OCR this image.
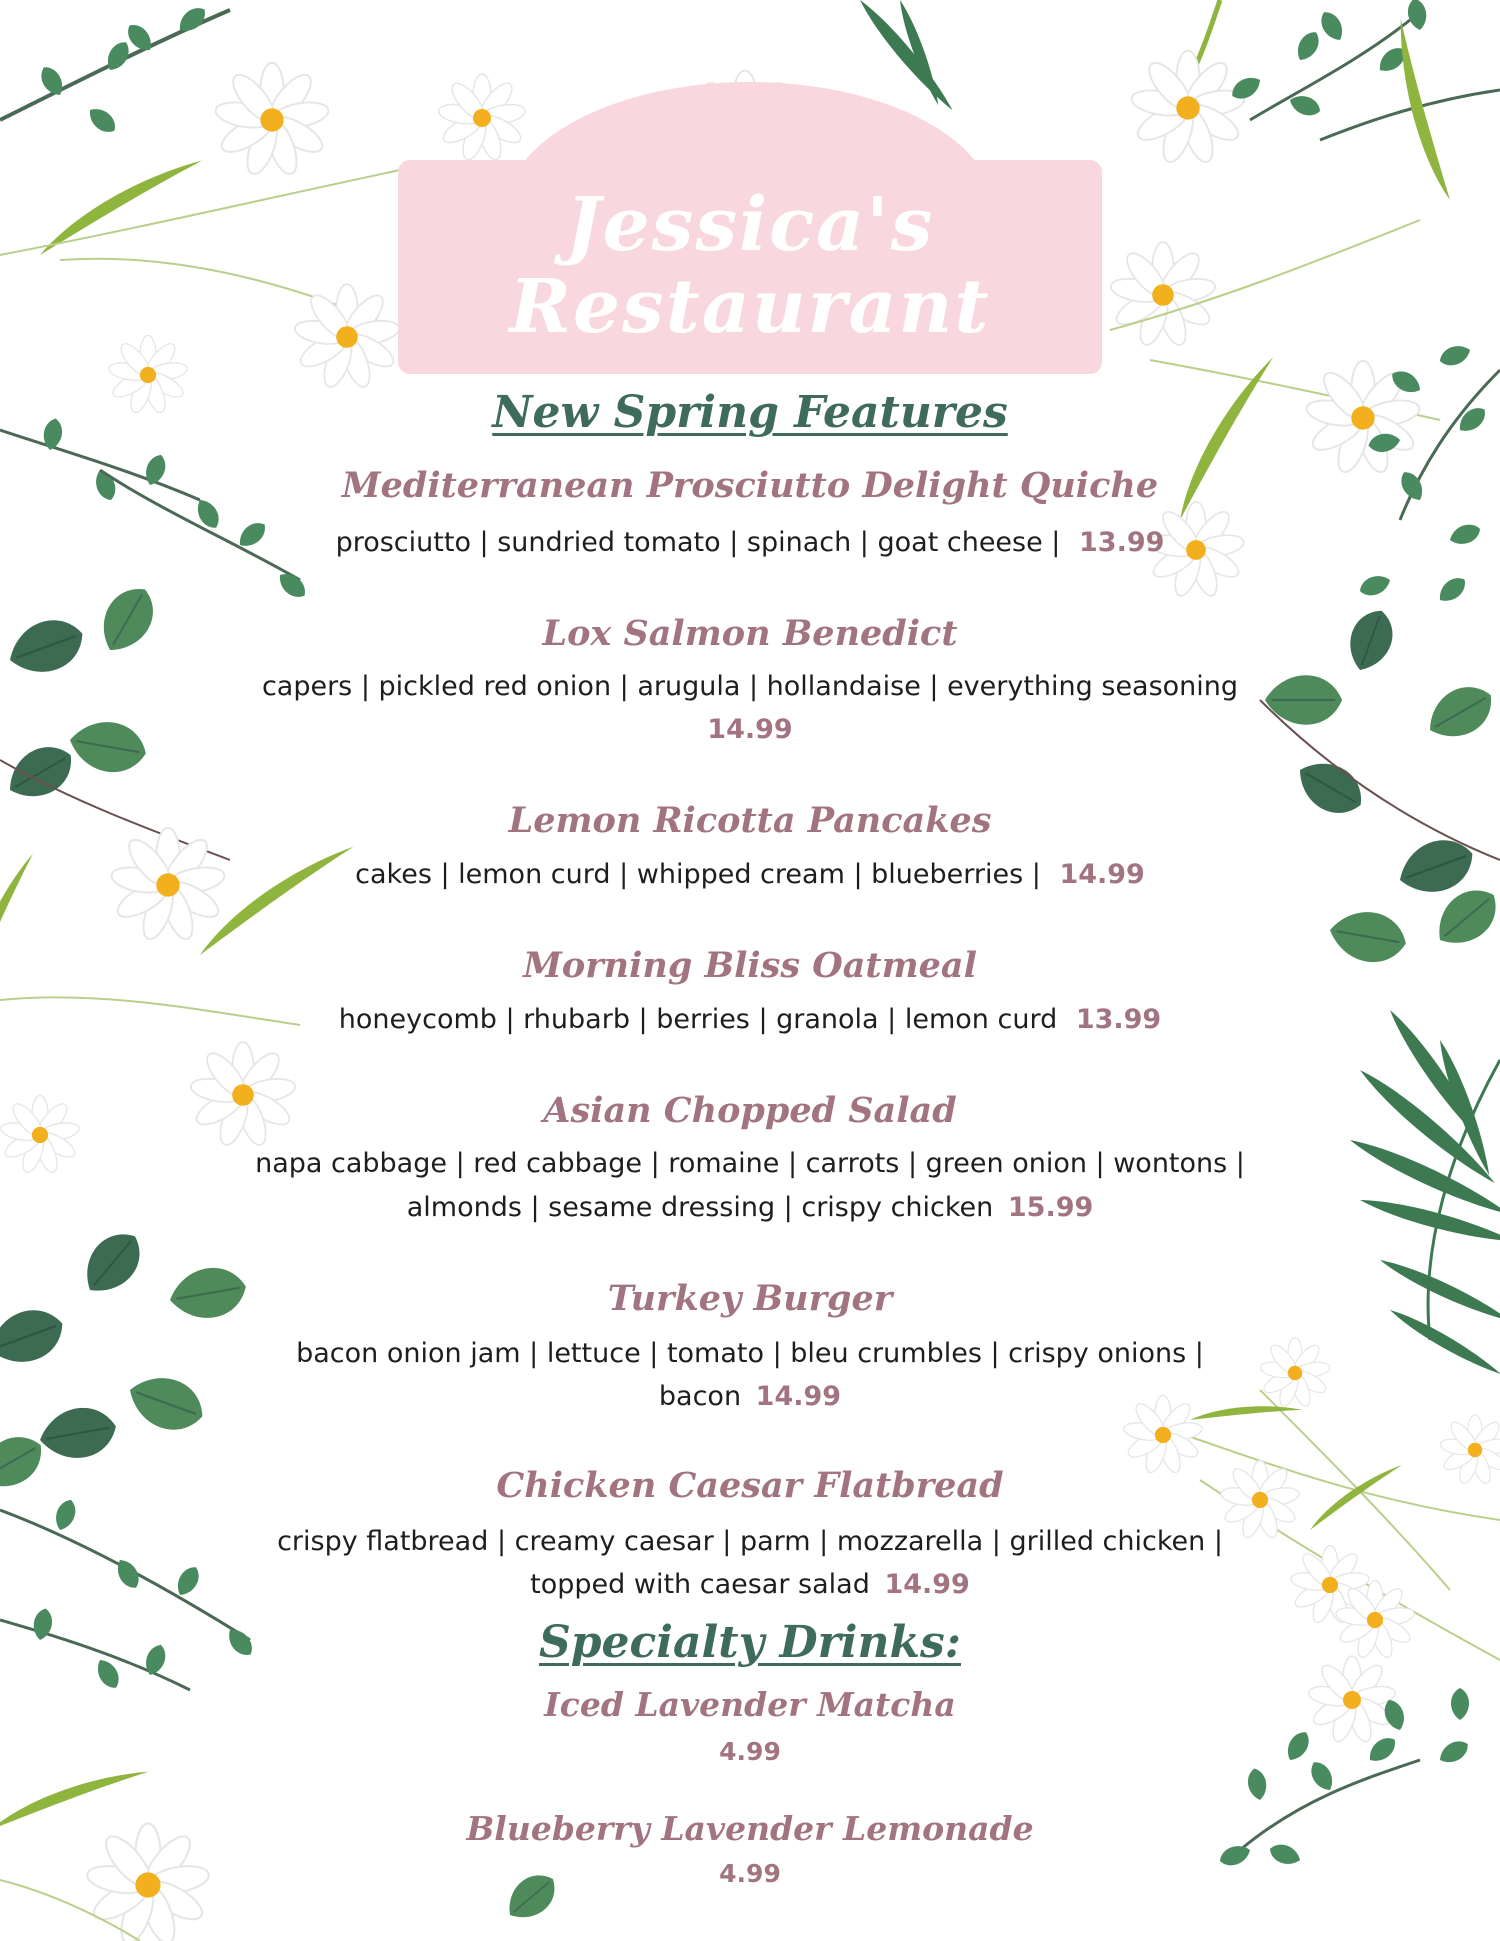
Jessica's
Restaurant
New Spring Features
Mediterranean Prosciutto Delight Quiche
prosciutto | sundried tomato | spinach | goat cheese | 13.99
Lox Salmon Benedict
capers | pickled red onion | arugula | hollandaise | everything seasoning
14.99
Lemon Ricotta Pancakes
cakes | lemon curd | whipped cream | blueberries | 14.99
Morning Bliss Oatmeal
honeycomb | rhubarb | berries | granola | lemon curd 13.99
Asian Chopped Salad
napa cabbage | red cabbage | romaine | carrots | green onion | wontons |
almonds | sesame dressing | crispy chicken 15.99
Turkey Burger
bacon onion jam | lettuce | tomato | bleu crumbles | crispy onions |
bacon 14.99
Chicken Caesar Flatbread
crispy flatbread | creamy caesar | parm | mozzarella | grilled chicken |
topped with caesar salad 14.99
Specialty Drinks:
Iced Lavender Matcha
4.99
Blueberry Lavender Lemonade
4.99
